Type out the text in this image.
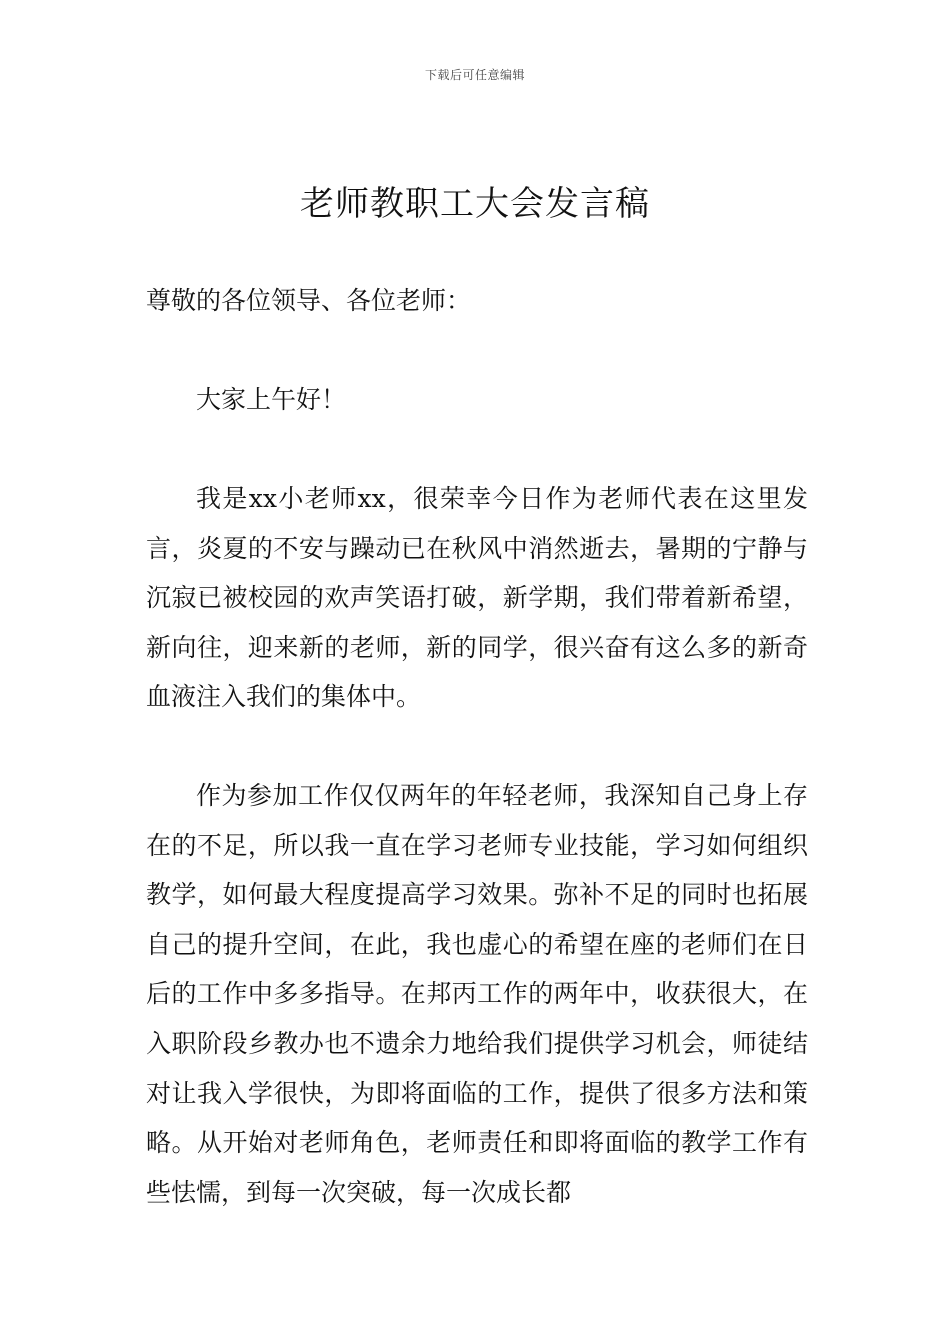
下载后可任意编辑
老师教职工大会发言稿

尊敬的各位领导、各位老师：

大家上午好！

我是xx小老师xx，很荣幸今日作为老师代表在这里发言，炎夏的不安与躁动已在秋风中消然逝去，暑期的宁静与沉寂已被校园的欢声笑语打破，新学期，我们带着新希望，新向往，迎来新的老师，新的同学，很兴奋有这么多的新奇血液注入我们的集体中。

作为参加工作仅仅两年的年轻老师，我深知自己身上存在的不足，所以我一直在学习老师专业技能，学习如何组织教学，如何最大程度提高学习效果。弥补不足的同时也拓展自己的提升空间，在此，我也虚心的希望在座的老师们在日后的工作中多多指导。在邦丙工作的两年中，收获很大，在入职阶段乡教办也不遗余力地给我们提供学习机会，师徒结对让我入学很快，为即将面临的工作，提供了很多方法和策略。从开始对老师角色，老师责任和即将面临的教学工作有些怯懦，到每一次突破，每一次成长都
